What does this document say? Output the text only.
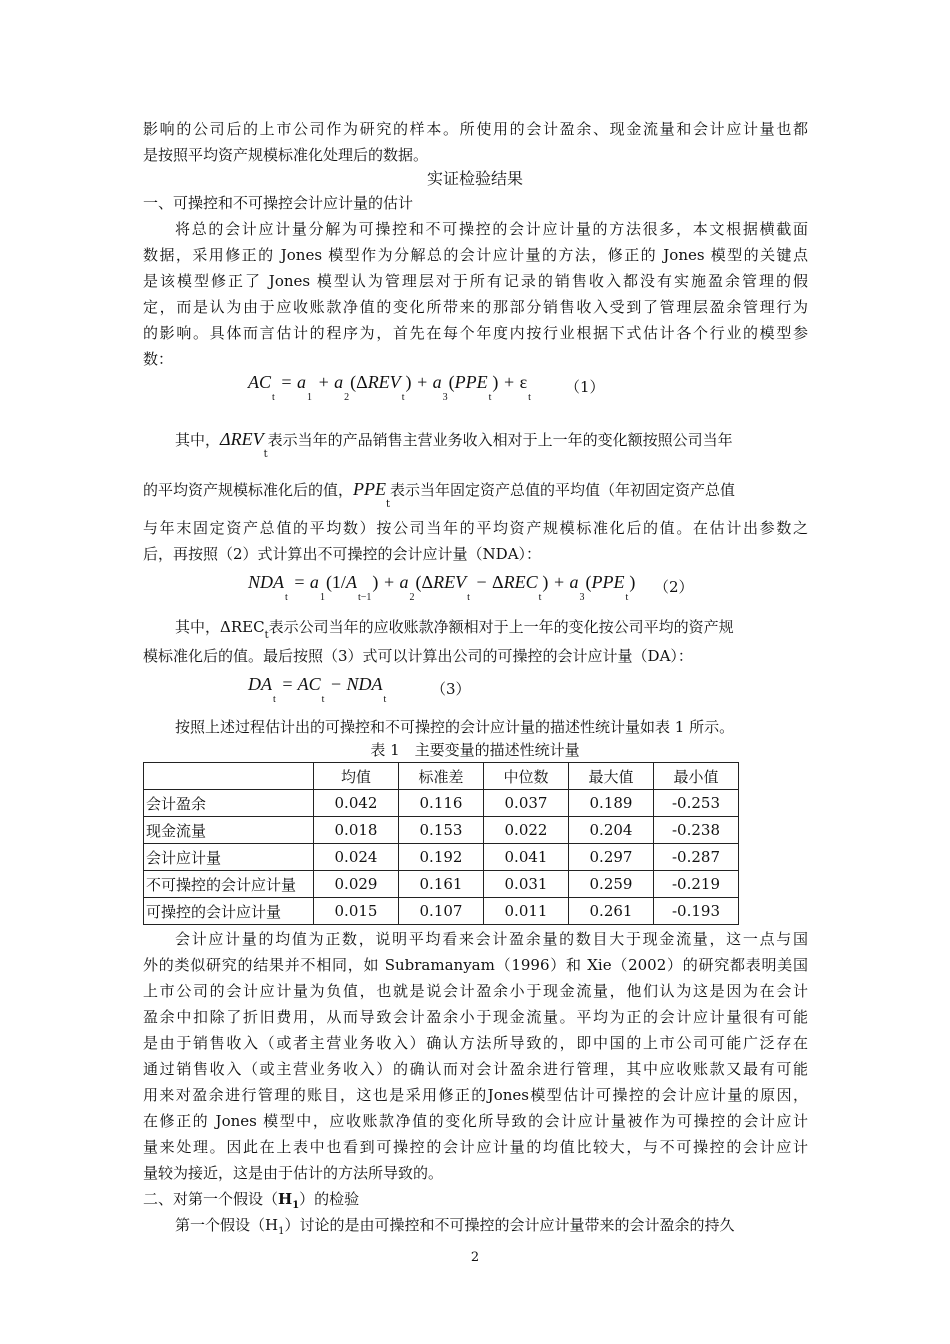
影响的公司后的上市公司作为研究的样本。所使用的会计盈余、现金流量和会计应计量也都
是按照平均资产规模标准化处理后的数据。
实证检验结果
一、可操控和不可操控会计应计量的估计
将总的会计应计量分解为可操控和不可操控的会计应计量的方法很多，本文根据横截面
数据，采用修正的 Jones 模型作为分解总的会计应计量的方法，修正的 Jones 模型的关键点
是该模型修正了 Jones 模型认为管理层对于所有记录的销售收入都没有实施盈余管理的假
定，而是认为由于应收账款净值的变化所带来的那部分销售收入受到了管理层盈余管理行为
的影响。具体而言估计的程序为，首先在每个年度内按行业根据下式估计各个行业的模型参
数：
$AC_t = a_1 + a_2(\Delta REV_t) + a_3(PPE_t) + \varepsilon_t$
（1）
其中，$\Delta REV_t$表示当年的产品销售主营业务收入相对于上一年的变化额按照公司当年
的平均资产规模标准化后的值，$PPE_t$表示当年固定资产总值的平均值（年初固定资产总值
与年末固定资产总值的平均数）按公司当年的平均资产规模标准化后的值。在估计出参数之
后，再按照（2）式计算出不可操控的会计应计量（NDA）：
$NDA_t = a_1(1/A_{t-1}) + a_2(\Delta REV_t - \Delta REC_t) + a_3(PPE_t)$ （2）
其中，$\Delta REC_t$表示公司当年的应收账款净额相对于上一年的变化按公司平均的资产规
模标准化后的值。最后按照（3）式可以计算出公司的可操控的会计应计量（DA）：
$DA_t = AC_t - NDA_t$
（3）
按照上述过程估计出的可操控和不可操控的会计应计量的描述性统计量如表 1 所示。
表 1　主要变量的描述性统计量
	均值	标准差	中位数	最大值	最小值
会计盈余	0.042	0.116	0.037	0.189	-0.253
现金流量	0.018	0.153	0.022	0.204	-0.238
会计应计量	0.024	0.192	0.041	0.297	-0.287
不可操控的会计应计量	0.029	0.161	0.031	0.259	-0.219
可操控的会计应计量	0.015	0.107	0.011	0.261	-0.193
会计应计量的均值为正数，说明平均看来会计盈余量的数目大于现金流量，这一点与国
外的类似研究的结果并不相同，如 Subramanyam（1996）和 Xie（2002）的研究都表明美国
上市公司的会计应计量为负值，也就是说会计盈余小于现金流量，他们认为这是因为在会计
盈余中扣除了折旧费用，从而导致会计盈余小于现金流量。平均为正的会计应计量很有可能
是由于销售收入（或者主营业务收入）确认方法所导致的，即中国的上市公司可能广泛存在
通过销售收入（或主营业务收入）的确认而对会计盈余进行管理，其中应收账款又最有可能
用来对盈余进行管理的账目，这也是采用修正的Jones模型估计可操控的会计应计量的原因，
在修正的 Jones 模型中，应收账款净值的变化所导致的会计应计量被作为可操控的会计应计
量来处理。因此在上表中也看到可操控的会计应计量的均值比较大，与不可操控的会计应计
量较为接近，这是由于估计的方法所导致的。
二、对第一个假设$(H_1)$的检验
第一个假设$(H_1)$讨论的是由可操控和不可操控的会计应计量带来的会计盈余的持久
2
